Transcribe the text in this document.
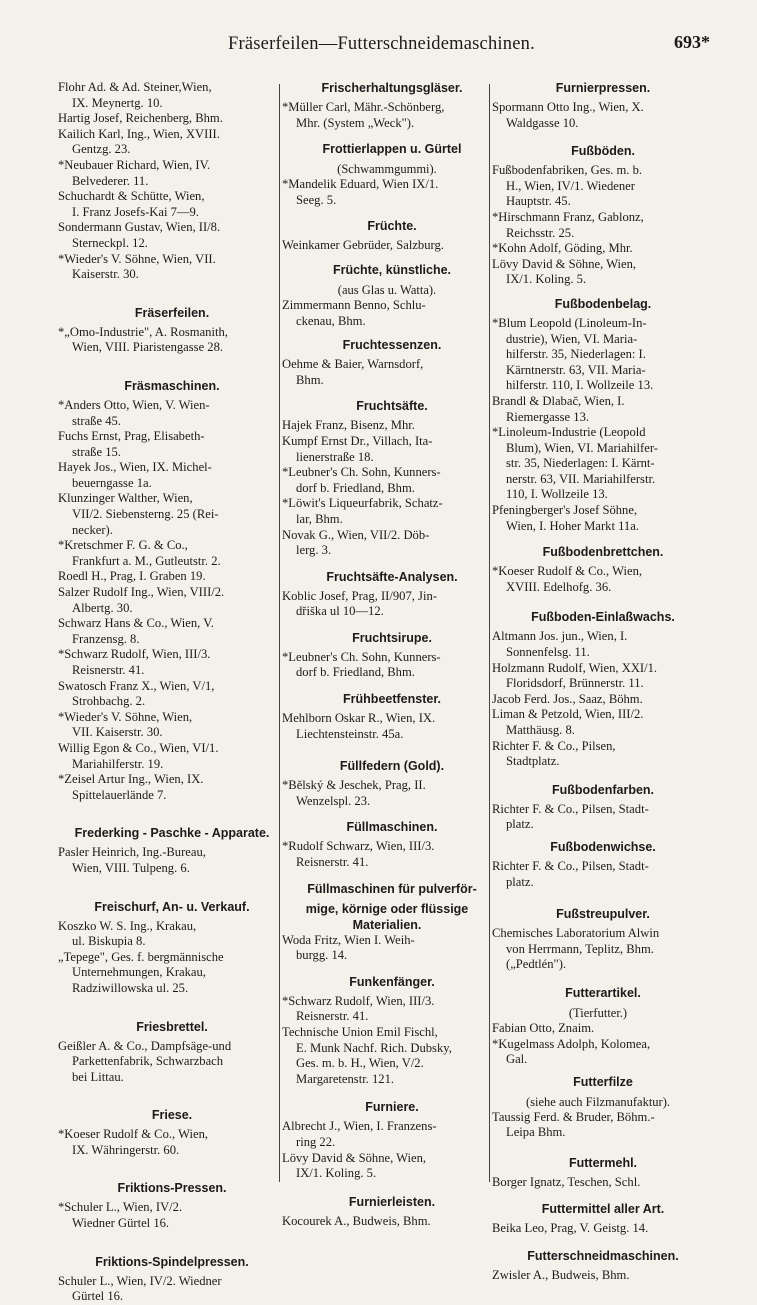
Fräserfeilen—Futterschneidemaschinen.	693*
Flohr Ad. & Ad. Steiner,Wien,
IX. Meynertg. 10.
Hartig Josef, Reichenberg, Bhm.
Kailich Karl, Ing., Wien, XVIII.
Gentzg. 23.
*Neubauer Richard, Wien, IV.
Belvederег. 11.
Schuchardt & Schütte, Wien,
I. Franz Josefs-Kai 7—9.
Sondermann Gustav, Wien, II/8.
Sterneckpl. 12.
*Wieder's V. Söhne, Wien, VII.
Kaiserstr. 30.
Fräserfeilen.
*„Omo-Industrie", A. Rosmanith,
Wien, VIII. Piaristengasse 28.
Fräsmaschinen.
*Anders Otto, Wien, V. Wien-
straße 45.
Fuchs Ernst, Prag, Elisabeth-
straße 15.
Hayek Jos., Wien, IX. Michel-
beuerngasse 1a.
Klunzinger Walther, Wien,
VII/2. Siebensterng. 25 (Rei-
necker).
*Kretschmer F. G. & Co.,
Frankfurt a. M., Gutleutstr. 2.
Roedl H., Prag, I. Graben 19.
Salzer Rudolf Ing., Wien, VIII/2.
Albertg. 30.
Schwarz Hans & Co., Wien, V.
Franzensg. 8.
*Schwarz Rudolf, Wien, III/3.
Reisnerstr. 41.
Swatosch Franz X., Wien, V/1,
Strohbachg. 2.
*Wieder's V. Söhne, Wien,
VII. Kaiserstr. 30.
Willig Egon & Co., Wien, VI/1.
Mariahilferstr. 19.
*Zeisel Artur Ing., Wien, IX.
Spittelauerlände 7.
Frederking - Paschke - Apparate.
Pasler Heinrich, Ing.-Bureau,
Wien, VIII. Tulpeng. 6.
Freischurf, An- u. Verkauf.
Koszko W. S. Ing., Krakau,
ul. Biskupia 8.
„Tepege", Ges. f. bergmännische
Unternehmungen, Krakau,
Radziwillowska ul. 25.
Friesbrettel.
Geißler A. & Co., Dampfsäge-und
Parkettenfabrik, Schwarzbach
bei Littau.
Friese.
*Koeser Rudolf & Co., Wien,
IX. Währingerstr. 60.
Friktions-Pressen.
*Schuler L., Wien, IV/2.
Wiedner Gürtel 16.
Friktions-Spindelpressen.
Schuler L., Wien, IV/2. Wiedner
Gürtel 16.
Frischerhaltungsgläser.
*Müller Carl, Mähr.-Schönberg,
Mhr. (System „Weck").
Frottierlappen u. Gürtel
(Schwammgummi).
*Mandelik Eduard, Wien IX/1.
Seeg. 5.
Früchte.
Weinkamer Gebrüder, Salzburg.
Früchte, künstliche.
(aus Glas u. Watta).
Zimmermann Benno, Schlu-
ckenau, Bhm.
Fruchtessenzen.
Oehme & Baier, Warnsdorf,
Bhm.
Fruchtsäfte.
Hajek Franz, Bisenz, Mhr.
Kumpf Ernst Dr., Villach, Ita-
lienerstraße 18.
*Leubner's Ch. Sohn, Kunners-
dorf b. Friedland, Bhm.
*Löwit's Liqueurfabrik, Schatz-
lar, Bhm.
Novak G., Wien, VII/2. Döb-
lerg. 3.
Fruchtsäfte-Analysen.
Koblic Josef, Prag, II/907, Jin-
dřiška ul 10—12.
Fruchtsirupe.
*Leubner's Ch. Sohn, Kunners-
dorf b. Friedland, Bhm.
Frühbeetfenster.
Mehlborn Oskar R., Wien, IX.
Liechtensteinstr. 45a.
Füllfedern (Gold).
*Bělský & Jeschek, Prag, II.
Wenzelspl. 23.
Füllmaschinen.
*Rudolf Schwarz, Wien, III/3.
Reisnerstr. 41.
Füllmaschinen für pulverför-
mige, körnige oder flüssige
Materialien.
Woda Fritz, Wien I. Weih-
burgg. 14.
Funkenfänger.
*Schwarz Rudolf, Wien, III/3.
Reisnerstr. 41.
Technische Union Emil Fischl,
E. Munk Nachf. Rich. Dubsky,
Ges. m. b. H., Wien, V/2.
Margaretenstr. 121.
Furniere.
Albrecht J., Wien, I. Franzens-
ring 22.
Lövy David & Söhne, Wien,
IX/1. Koling. 5.
Furnierleisten.
Kocourek A., Budweis, Bhm.
Furnierpressen.
Spormann Otto Ing., Wien, X.
Waldgasse 10.
Fußböden.
Fußbodenfabriken, Ges. m. b.
H., Wien, IV/1. Wiedener
Hauptstr. 45.
*Hirschmann Franz, Gablonz,
Reichsstr. 25.
*Kohn Adolf, Göding, Mhr.
Lövy David & Söhne, Wien,
IX/1. Koling. 5.
Fußbodenbelag.
*Blum Leopold (Linoleum-In-
dustrie), Wien, VI. Maria-
hilferstr. 35, Niederlagen: I.
Kärntnerstr. 63, VII. Maria-
hilferstr. 110, I. Wollzeile 13.
Brandl & Dlabač, Wien, I.
Riemergasse 13.
*Linoleum-Industrie (Leopold
Blum), Wien, VI. Mariahilfer-
str. 35, Niederlagen: I. Kärnt-
nerstr. 63, VII. Mariahilferstr.
110, I. Wollzeile 13.
Pfeningberger's Josef Söhne,
Wien, I. Hoher Markt 11a.
Fußbodenbrettchen.
*Koeser Rudolf & Co., Wien,
XVIII. Edelhofg. 36.
Fußboden-Einlaßwachs.
Altmann Jos. jun., Wien, I.
Sonnenfelsg. 11.
Holzmann Rudolf, Wien, XXI/1.
Floridsdorf, Brünnerstr. 11.
Jacob Ferd. Jos., Saaz, Böhm.
Liman & Petzold, Wien, III/2.
Matthäusg. 8.
Richter F. & Co., Pilsen,
Stadtplatz.
Fußbodenfarben.
Richter F. & Co., Pilsen, Stadt-
platz.
Fußbodenwichse.
Richter F. & Co., Pilsen, Stadt-
platz.
Fußstreupulver.
Chemisches Laboratorium Alwin
von Herrmann, Teplitz, Bhm.
(„Pedtlén").
Futterartikel.
(Tierfutter.)
Fabian Otto, Znaim.
*Kugelmass Adolph, Kolomea,
Gal.
Futterfilze
(siehe auch Filzmanufaktur).
Taussig Ferd. & Bruder, Böhm.-
Leipa Bhm.
Futtermehl.
Borger Ignatz, Teschen, Schl.
Futtermittel aller Art.
Beika Leo, Prag, V. Geistg. 14.
Futterschneidmaschinen.
Zwisler A., Budweis, Bhm.
